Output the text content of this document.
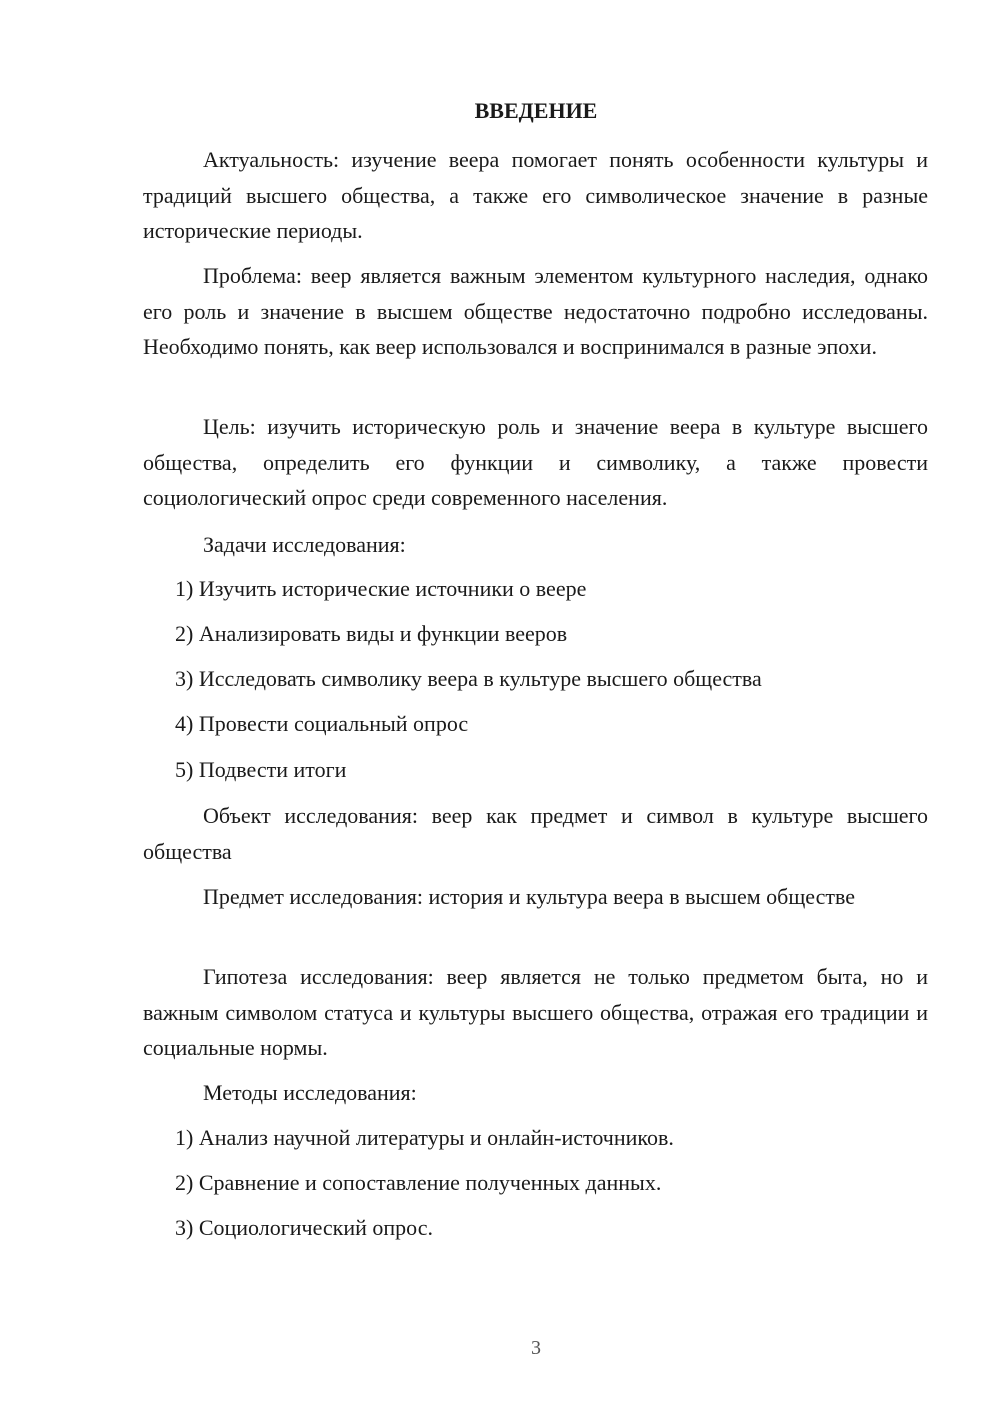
ВВЕДЕНИЕ

Актуальность: изучение веера помогает понять особенности культуры и традиций высшего общества, а также его символическое значение в разные исторические периоды.

Проблема: веер является важным элементом культурного наследия, однако его роль и значение в высшем обществе недостаточно подробно исследованы. Необходимо понять, как веер использовался и воспринимался в разные эпохи.

Цель: изучить историческую роль и значение веера в культуре высшего общества, определить его функции и символику, а также провести социологический опрос среди современного населения.

Задачи исследования:

1) Изучить исторические источники о веере

2) Анализировать виды и функции вееров

3) Исследовать символику веера в культуре высшего общества

4) Провести социальный опрос

5) Подвести итоги

Объект исследования: веер как предмет и символ в культуре высшего общества

Предмет исследования: история и культура веера в высшем обществе

Гипотеза исследования: веер является не только предметом быта, но и важным символом статуса и культуры высшего общества, отражая его традиции и социальные нормы.

Методы исследования:

1) Анализ научной литературы и онлайн-источников.

2) Сравнение и сопоставление полученных данных.

3) Социологический опрос.

3
